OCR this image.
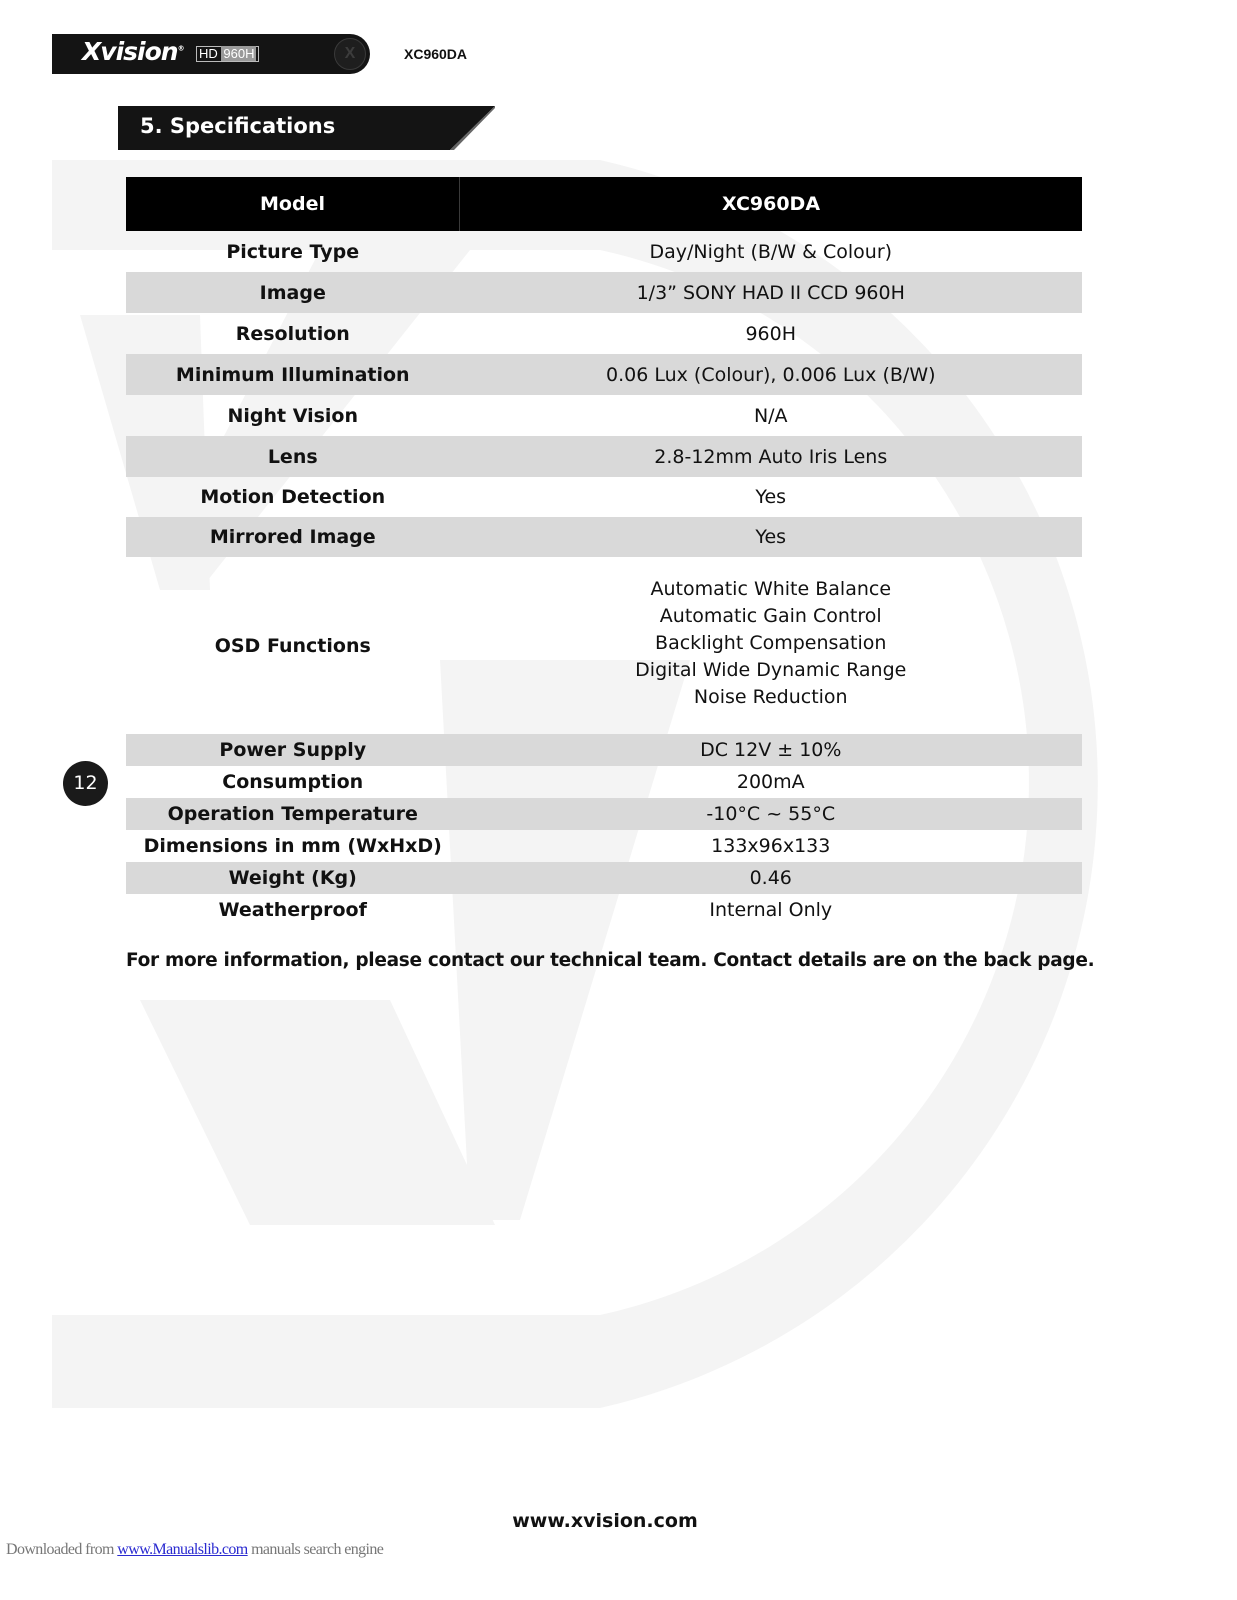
Xvision® HD 960H	X	XC960DA
5. Specifications
Model	XC960DA
Picture Type	Day/Night (B/W & Colour)
Image	1/3” SONY HAD II CCD 960H
Resolution	960H
Minimum Illumination	0.06 Lux (Colour), 0.006 Lux (B/W)
Night Vision	N/A
Lens	2.8-12mm Auto Iris Lens
Motion Detection	Yes
Mirrored Image	Yes
OSD Functions	Automatic White Balance
Automatic Gain Control
Backlight Compensation
Digital Wide Dynamic Range
Noise Reduction

Power Supply	DC 12V ± 10%
Consumption	200mA
Operation Temperature	-10°C ~ 55°C
Dimensions in mm (WxHxD)	133x96x133
Weight (Kg)	0.46
Weatherproof	Internal Only
12
For more information, please contact our technical team. Contact details are on the back page.
www.xvision.com
Downloaded from www.Manualslib.com manuals search engine
